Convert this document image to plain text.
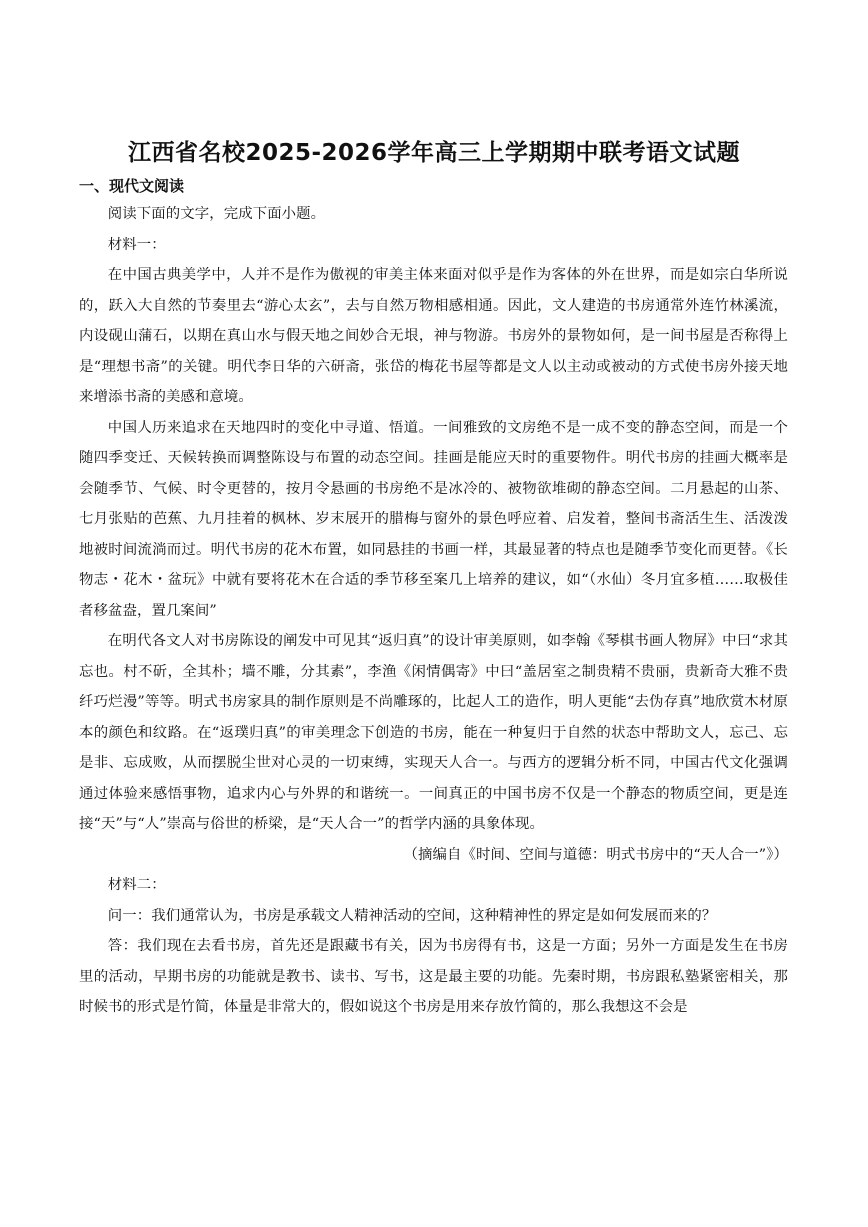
江西省名校2025-2026学年高三上学期期中联考语文试题
一、现代文阅读

阅读下面的文字，完成下面小题。

材料一：

在中国古典美学中，人并不是作为傲视的审美主体来面对似乎是作为客体的外在世界，而是如宗白华所说的，跃入大自然的节奏里去“游心太玄”，去与自然万物相感相通。因此，文人建造的书房通常外连竹林溪流，内设砚山蒲石，以期在真山水与假天地之间妙合无垠，神与物游。书房外的景物如何，是一间书屋是否称得上是“理想书斋”的关键。明代李日华的六研斋，张岱的梅花书屋等都是文人以主动或被动的方式使书房外接天地来增添书斋的美感和意境。

中国人历来追求在天地四时的变化中寻道、悟道。一间雅致的文房绝不是一成不变的静态空间，而是一个随四季变迁、天候转换而调整陈设与布置的动态空间。挂画是能应天时的重要物件。明代书房的挂画大概率是会随季节、气候、时令更替的，按月令悬画的书房绝不是冰冷的、被物欲堆砌的静态空间。二月悬起的山茶、七月张贴的芭蕉、九月挂着的枫林、岁末展开的腊梅与窗外的景色呼应着、启发着，整间书斋活生生、活泼泼地被时间流淌而过。明代书房的花木布置，如同悬挂的书画一样，其最显著的特点也是随季节变化而更替。《长物志・花木・盆玩》中就有要将花木在合适的季节移至案几上培养的建议，如“（水仙）冬月宜多植……取极佳者移盆盎，置几案间”

在明代各文人对书房陈设的阐发中可见其“返归真”的设计审美原则，如李翰《琴棋书画人物屏》中曰“求其忘也。村不斫，全其朴；墙不雕，分其素”，李渔《闲情偶寄》中曰“盖居室之制贵精不贵丽，贵新奇大雅不贵纤巧烂漫”等等。明式书房家具的制作原则是不尚雕琢的，比起人工的造作，明人更能“去伪存真”地欣赏木材原本的颜色和纹路。在“返璞归真”的审美理念下创造的书房，能在一种复归于自然的状态中帮助文人，忘己、忘是非、忘成败，从而摆脱尘世对心灵的一切束缚，实现天人合一。与西方的逻辑分析不同，中国古代文化强调通过体验来感悟事物，追求内心与外界的和谐统一。一间真正的中国书房不仅是一个静态的物质空间，更是连接“天”与“人”崇高与俗世的桥梁，是“天人合一”的哲学内涵的具象体现。

（摘编自《时间、空间与道德：明式书房中的“天人合一”》）

材料二：

问一：我们通常认为，书房是承载文人精神活动的空间，这种精神性的界定是如何发展而来的？

答：我们现在去看书房，首先还是跟藏书有关，因为书房得有书，这是一方面；另外一方面是发生在书房里的活动，早期书房的功能就是教书、读书、写书，这是最主要的功能。先秦时期，书房跟私塾紧密相关，那时候书的形式是竹简，体量是非常大的，假如说这个书房是用来存放竹简的，那么我想这不会是
